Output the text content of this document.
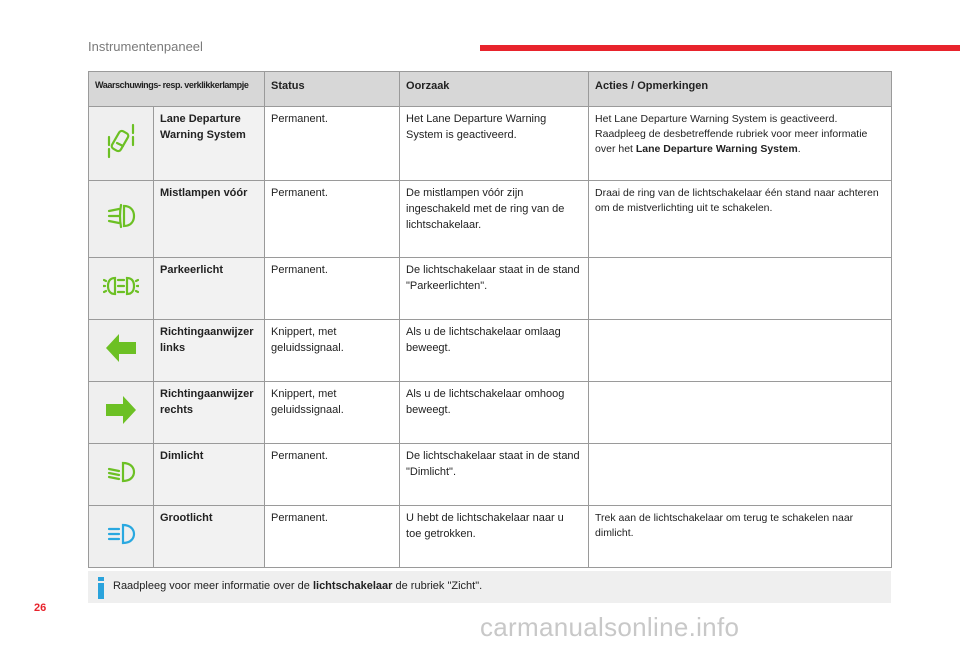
Instrumentenpaneel
Waarschuwings- resp. verklikkerlampje		Status	Oorzaak	Acties / Opmerkingen
	Lane Departure Warning System	Permanent.	Het Lane Departure Warning System is geactiveerd.	Het Lane Departure Warning System is geactiveerd. Raadpleeg de desbetreffende rubriek voor meer informatie over het Lane Departure Warning System.
	Mistlampen vóór	Permanent.	De mistlampen vóór zijn ingeschakeld met de ring van de lichtschakelaar.	Draai de ring van de lichtschakelaar één stand naar achteren om de mistverlichting uit te schakelen.
	Parkeerlicht	Permanent.	De lichtschakelaar staat in de stand "Parkeerlichten".	
	Richtingaanwijzer links	Knippert, met geluidssignaal.	Als u de lichtschakelaar omlaag beweegt.	
	Richtingaanwijzer rechts	Knippert, met geluidssignaal.	Als u de lichtschakelaar omhoog beweegt.	
	Dimlicht	Permanent.	De lichtschakelaar staat in de stand "Dimlicht".	
	Grootlicht	Permanent.	U hebt de lichtschakelaar naar u toe getrokken.	Trek aan de lichtschakelaar om terug te schakelen naar dimlicht.
Raadpleeg voor meer informatie over de lichtschakelaar de rubriek "Zicht".
26
carmanualsonline.info
